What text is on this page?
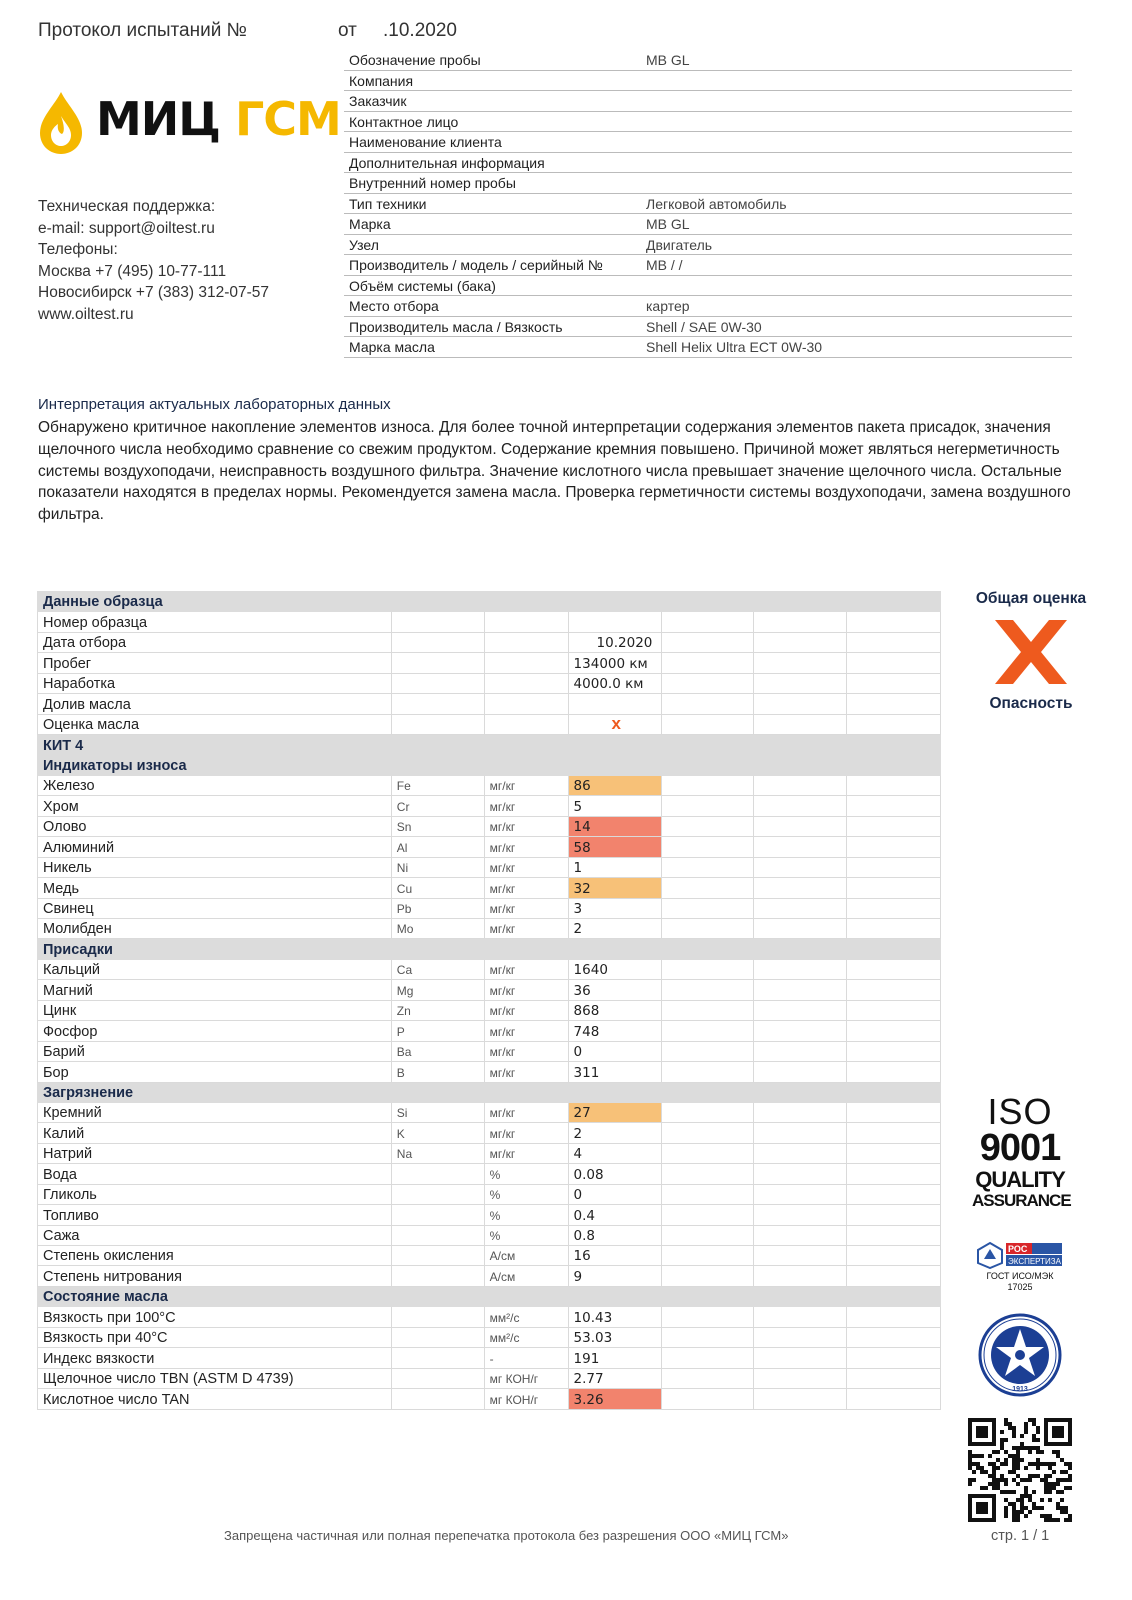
Протокол испытаний №	от .10.2020
МИЦ ГСМ
Техническая поддержка:
e-mail: support@oiltest.ru
Телефоны:
Москва +7 (495) 10-77-111
Новосибирск +7 (383) 312-07-57
www.oiltest.ru
Обозначение пробы	MB GL
Компания
Заказчик
Контактное лицо
Наименование клиента
Дополнительная информация
Внутренний номер пробы
Тип техники	Легковой автомобиль
Марка	MB GL
Узел	Двигатель
Производитель / модель / серийный №	MB / /
Объём системы (бака)
Место отбора	картер
Производитель масла / Вязкость	Shell / SAE 0W-30
Марка масла	Shell Helix Ultra ECT 0W-30
Интерпретация актуальных лабораторных данных
Обнаружено критичное накопление элементов износа. Для более точной интерпретации содержания элементов пакета присадок, значения щелочного числа необходимо сравнение со свежим продуктом. Содержание кремния повышено. Причиной может являться негерметичность системы воздухоподачи, неисправность воздушного фильтра. Значение кислотного числа превышает значение щелочного числа. Остальные показатели находятся в пределах нормы. Рекомендуется замена масла. Проверка герметичности системы воздухоподачи, замена воздушного фильтра.
Данные образца						
Номер образца						
Дата отбора			10.2020			
Пробег			134000 км			
Наработка			4000.0 км			
Долив масла						
Оценка масла			x			
КИТ 4						
Индикаторы износа						
Железо	Fe	мг/кг	86			
Хром	Cr	мг/кг	5			
Олово	Sn	мг/кг	14			
Алюминий	Al	мг/кг	58			
Никель	Ni	мг/кг	1			
Медь	Cu	мг/кг	32			
Свинец	Pb	мг/кг	3			
Молибден	Mo	мг/кг	2			
Присадки						
Кальций	Ca	мг/кг	1640			
Магний	Mg	мг/кг	36			
Цинк	Zn	мг/кг	868			
Фосфор	P	мг/кг	748			
Барий	Ba	мг/кг	0			
Бор	B	мг/кг	311			
Загрязнение						
Кремний	Si	мг/кг	27			
Калий	K	мг/кг	2			
Натрий	Na	мг/кг	4			
Вода		%	0.08			
Гликоль		%	0			
Топливо		%	0.4			
Сажа		%	0.8			
Степень окисления		А/см	16			
Степень нитрования		А/см	9			
Состояние масла						
Вязкость при 100°С		мм²/с	10.43			
Вязкость при 40°С		мм²/с	53.03			
Индекс вязкости		-	191			
Щелочное число TBN (ASTM D 4739)		мг КОН/г	2.77			
Кислотное число TAN		мг КОН/г	3.26			
Общая оценка
Опасность
ISO
9001
QUALITY
ASSURANCE
РОС
ЭКСПЕРТИЗА
ГОСТ ИСО/МЭК 17025
1913
Запрещена частичная или полная перепечатка протокола без разрешения ООО «МИЦ ГСМ»	стр. 1 / 1
